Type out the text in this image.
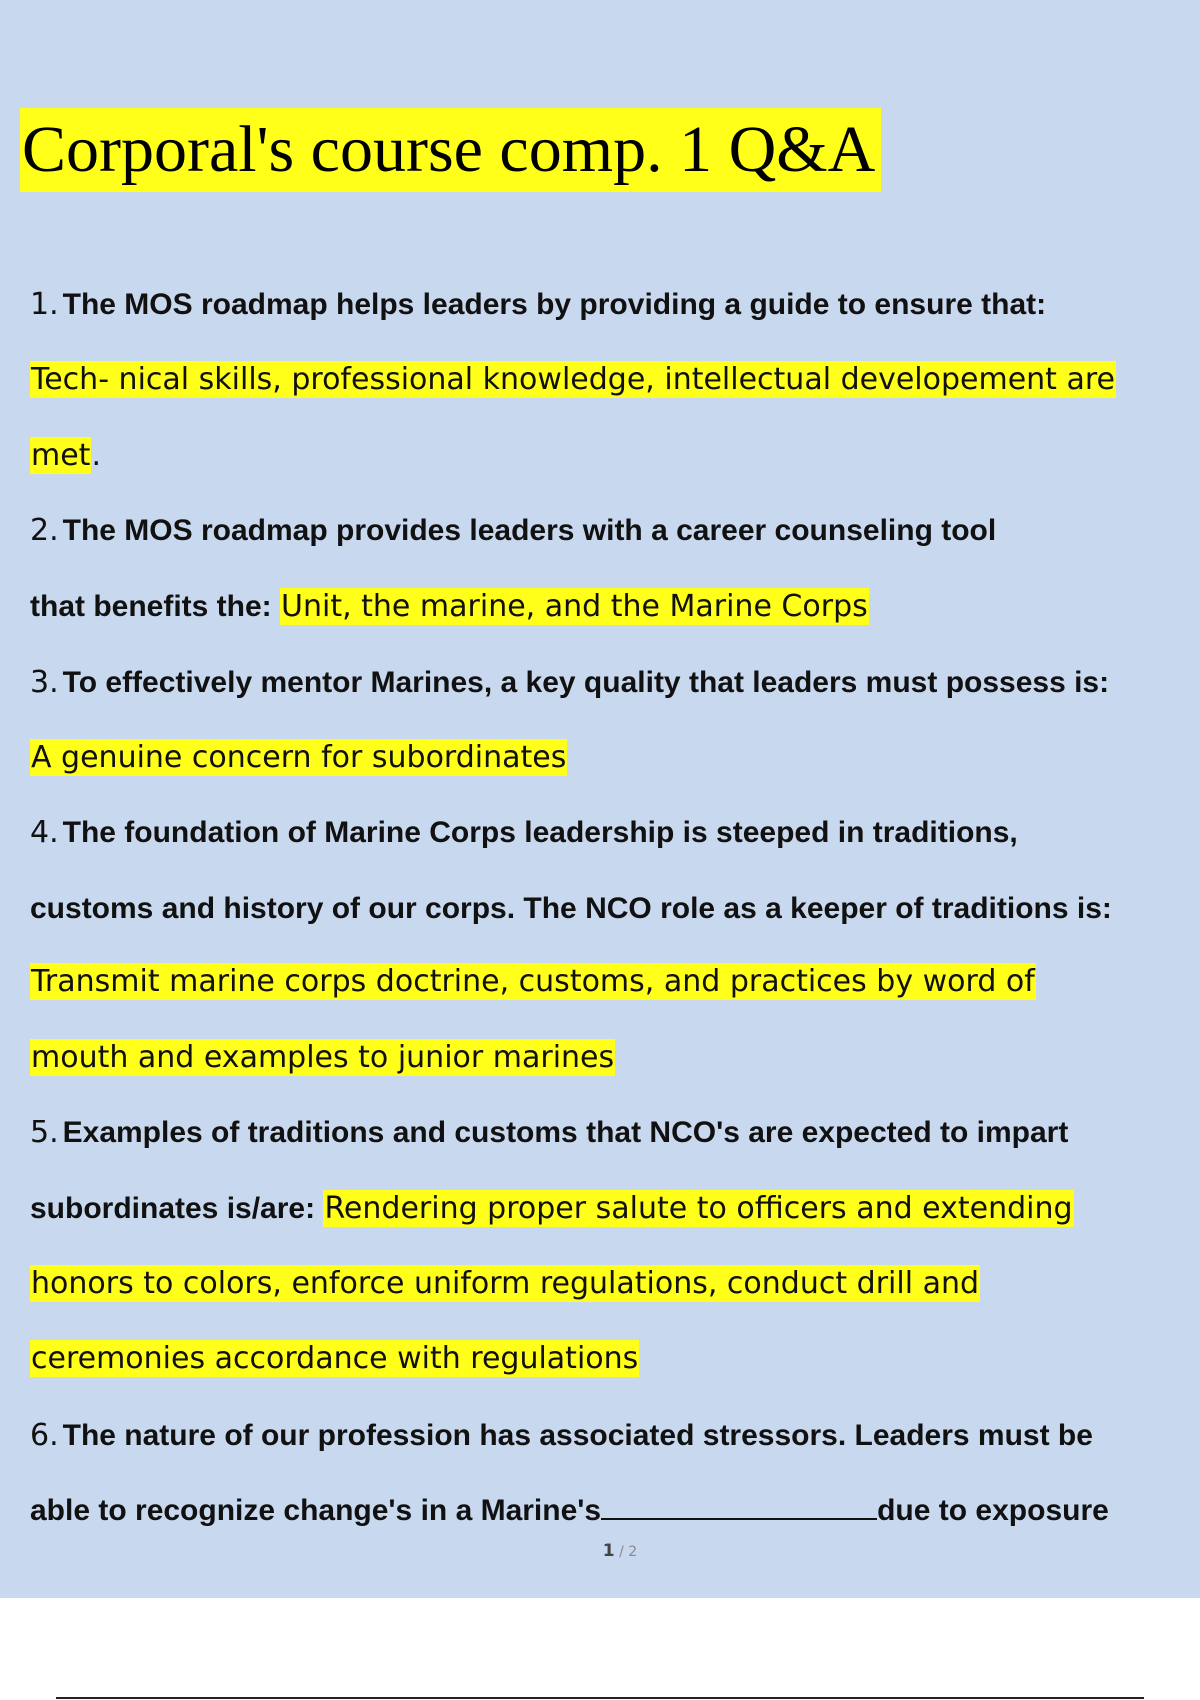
Corporal's course comp. 1 Q&A
1. The MOS roadmap helps leaders by providing a guide to ensure that:
Tech- nical skills, professional knowledge, intellectual developement are
met.
2. The MOS roadmap provides leaders with a career counseling tool
that benefits the: Unit, the marine, and the Marine Corps
3. To effectively mentor Marines, a key quality that leaders must possess is:
A genuine concern for subordinates
4. The foundation of Marine Corps leadership is steeped in traditions,
customs and history of our corps. The NCO role as a keeper of traditions is:
Transmit marine corps doctrine, customs, and practices by word of
mouth and examples to junior marines
5. Examples of traditions and customs that NCO's are expected to impart
subordinates is/are: Rendering proper salute to officers and extending
honors to colors, enforce uniform regulations, conduct drill and
ceremonies accordance with regulations
6. The nature of our profession has associated stressors. Leaders must be
able to recognize change's in a Marine's	due to exposure
1 / 2
